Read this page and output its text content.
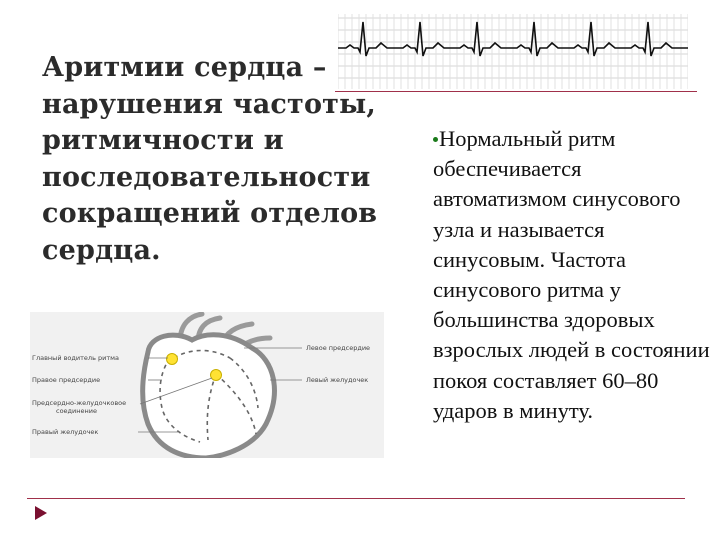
Аритмии сердца – нарушения частоты, ритмичности и последовательности сокращений отделов сердца.
Главный водитель ритма
Правое предсердие
Предсердно-желудочковое
соединение
Правый желудочек
Левое предсердие
Левый желудочек
Нормальный ритм обеспечивается автоматизмом синусового узла и называется синусовым. Частота синусового ритма у большинства здоровых взрослых людей в состоянии покоя составляет 60–80 ударов в минуту.
